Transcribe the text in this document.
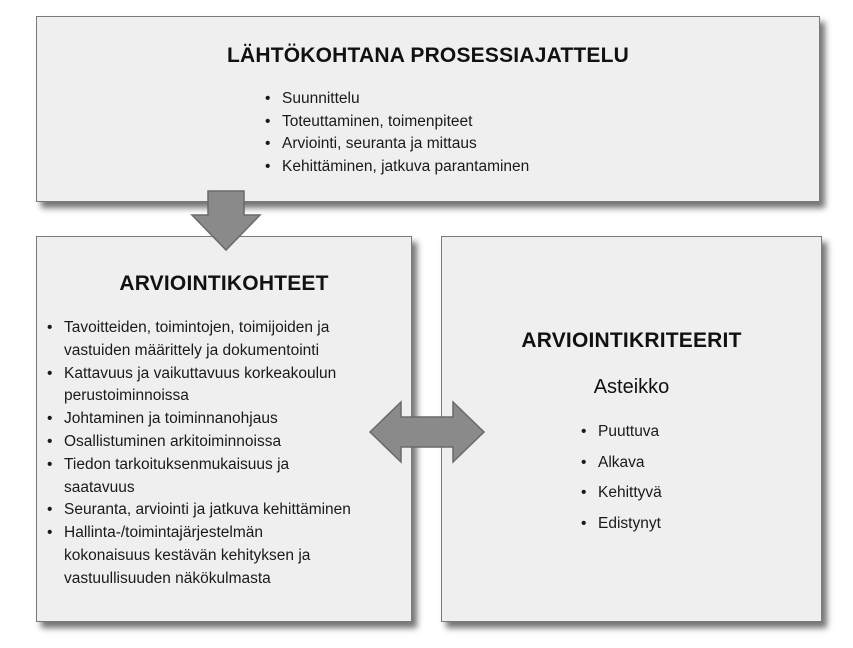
LÄHTÖKOHTANA PROSESSIAJATTELU
• Suunnittelu
• Toteuttaminen, toimenpiteet
• Arviointi, seuranta ja mittaus
• Kehittäminen, jatkuva parantaminen
ARVIOINTIKOHTEET
• Tavoitteiden, toimintojen, toimijoiden ja
vastuiden määrittely ja dokumentointi
• Kattavuus ja vaikuttavuus korkeakoulun
perustoiminnoissa
• Johtaminen ja toiminnanohjaus
• Osallistuminen arkitoiminnoissa
• Tiedon tarkoituksenmukaisuus ja
saatavuus
• Seuranta, arviointi ja jatkuva kehittäminen
• Hallinta-/toimintajärjestelmän
kokonaisuus kestävän kehityksen ja
vastuullisuuden näkökulmasta
ARVIOINTIKRITEERIT
Asteikko
• Puuttuva
• Alkava
• Kehittyvä
• Edistynyt
